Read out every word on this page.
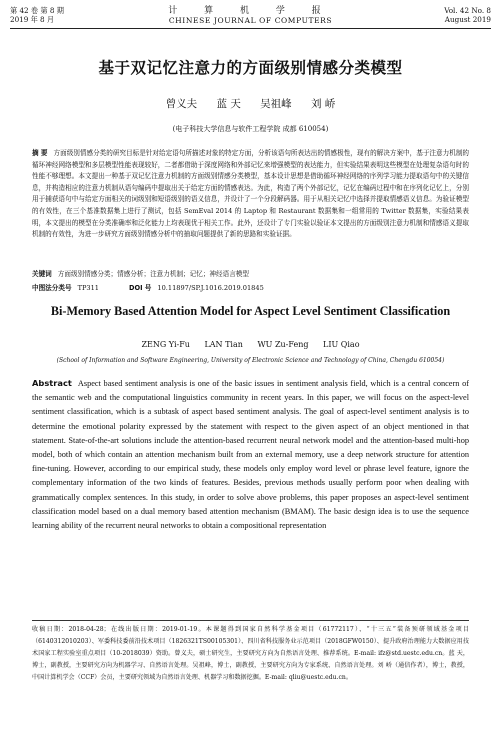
第 42 卷 第 8 期
2019 年 8 月
计 算 机 学 报
CHINESE JOURNAL OF COMPUTERS
Vol. 42 No. 8
August 2019
基于双记忆注意力的方面级别情感分类模型
曾义夫 蓝 天 吴祖峰 刘 峤
(电子科技大学信息与软件工程学院 成都 610054)
摘 要 方面级别情感分类的研究目标是针对给定语句所描述对象的特定方面，分析该语句所表达出的情感极性，现有的解决方案中，基于注意力机制的循环神经网络模型和多层模型性能表现较好，二者都借助于深度网络和外部记忆来增强模型的表达能力，但实验结果表明这些模型在处理复杂语句时的性能不够理想。本文提出一种基于双记忆注意力机制的方面级别情感分类模型，基本设计思想是借助循环神经网络的序列学习能力提取语句中的关键信息，并构造相应的注意力机制从语句编码中提取出关于给定方面的情感表达。为此，构造了两个外部记忆，记忆在编码过程中和在序列化记忆上，分别用于捕获语句中与给定方面相关的词级别和短语级别的语义信息，并设计了一个分段解码器。用于从相关记忆中选择并提取情感语义信息。为验证模型的有效性，在三个基准数据集上进行了测试，包括 SemEval 2014 的 Laptop 和 Restaurant 数据集和一组常用的 Twitter 数据集，实验结果表明，本文提出的模型在分类准确率和泛化能力上均表现优于相关工作。此外，还设计了专门实验以验证本文提出的方面级别注意力机制和情感语义提取机制的有效性，为进一步研究方面级别情感分析中的抽取问题提供了新的思路和实验证据。
关键词 方面级别情感分类；情感分析；注意力机制；记忆；神经语言模型
中图法分类号 TP311	DOI 号 10.11897/SP.J.1016.2019.01845
Bi-Memory Based Attention Model for Aspect Level Sentiment Classification
ZENG Yi-Fu LAN Tian WU Zu-Feng LIU Qiao
(School of Information and Software Engineering, University of Electronic Science and Technology of China, Chengdu 610054)
Abstract Aspect based sentiment analysis is one of the basic issues in sentiment analysis field, which is a central concern of the semantic web and the computational linguistics community in recent years. In this paper, we will focus on the aspect-level sentiment classification, which is a subtask of aspect based sentiment analysis. The goal of aspect-level sentiment analysis is to determine the emotional polarity expressed by the statement with respect to the given aspect of an object mentioned in that statement. State-of-the-art solutions include the attention-based recurrent neural network model and the attention-based multi-hop model, both of which contain an attention mechanism built from an external memory, use a deep network structure for attention fine-tuning. However, according to our empirical study, these models only employ word level or phrase level feature, ignore the complementary information of the two kinds of features. Besides, previous methods usually perform poor when dealing with grammatically complex sentences. In this study, in order to solve above problems, this paper proposes an aspect-level sentiment classification model based on a dual memory based attention mechanism (BMAM). The basic design idea is to use the sequence learning ability of the recurrent neural networks to obtain a compositional representation
收稿日期：2018-04-28；在线出版日期：2019-01-19。本课题得到国家自然科学基金项目（61772117）、“十三五”装备预研领域基金项目（6140312010203）、军委科技委前沿技术项目（1826321TS00105301）、四川省科技服务业示范项目（2018GFW0150）、提升政府治理能力大数据应用技术国家工程实验室重点项目（10-2018039）资助。曾义夫，硕士研究生，主要研究方向为自然语言处理、推荐系统。E-mail: ifz@std.uestc.edu.cn。蓝 天，博士，副教授，主要研究方向为机器学习、自然语言处理。吴祖峰，博士，副教授，主要研究方向为专家系统、自然语言处理。刘 峤（通信作者），博士，教授，中国计算机学会（CCF）会员，主要研究领域为自然语言处理、机器学习和数据挖掘。E-mail: qliu@uestc.edu.cn。
